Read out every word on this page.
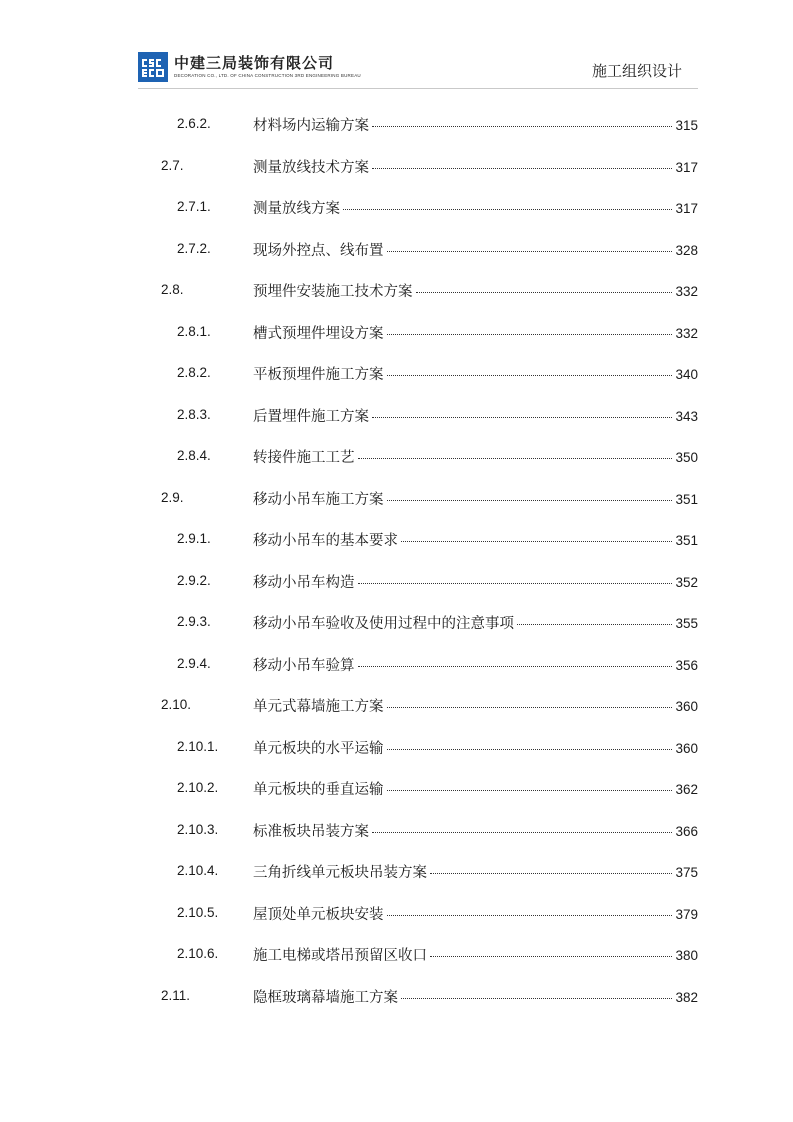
中建三局装饰有限公司
DECORATION CO., LTD. OF CHINA CONSTRUCTION 3RD ENGINEERING BUREAU	施工组织设计
2.6.2.	材料场内运输方案	315
2.7.	测量放线技术方案	317
2.7.1.	测量放线方案	317
2.7.2.	现场外控点、线布置	328
2.8.	预埋件安装施工技术方案	332
2.8.1.	槽式预埋件埋设方案	332
2.8.2.	平板预埋件施工方案	340
2.8.3.	后置埋件施工方案	343
2.8.4.	转接件施工工艺	350
2.9.	移动小吊车施工方案	351
2.9.1.	移动小吊车的基本要求	351
2.9.2.	移动小吊车构造	352
2.9.3.	移动小吊车验收及使用过程中的注意事项	355
2.9.4.	移动小吊车验算	356
2.10.	单元式幕墙施工方案	360
2.10.1. 单元板块的水平运输	360
2.10.2. 单元板块的垂直运输	362
2.10.3. 标准板块吊装方案	366
2.10.4. 三角折线单元板块吊装方案	375
2.10.5. 屋顶处单元板块安装	379
2.10.6. 施工电梯或塔吊预留区收口	380
2.11.	隐框玻璃幕墙施工方案	382
